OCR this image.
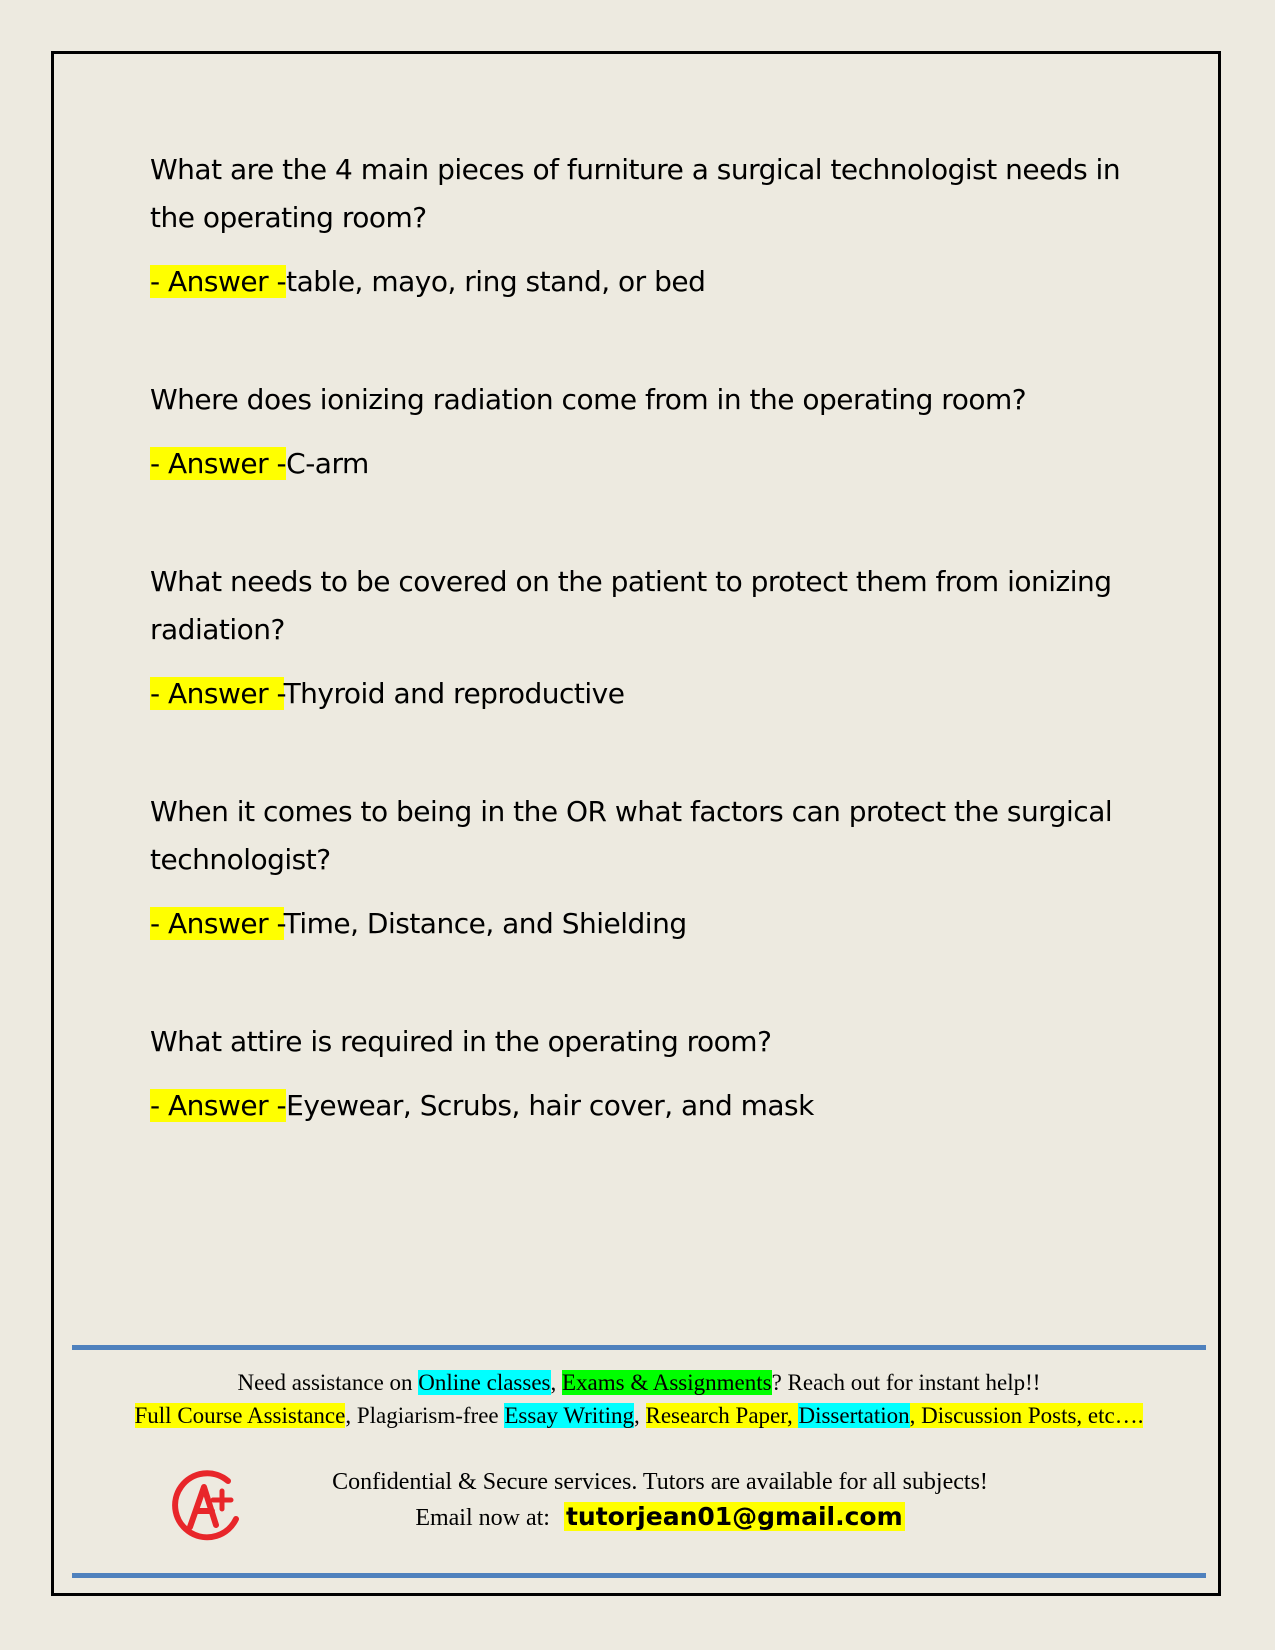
What are the 4 main pieces of furniture a surgical technologist needs in the operating room?

- Answer -table, mayo, ring stand, or bed

Where does ionizing radiation come from in the operating room?

- Answer -C-arm

What needs to be covered on the patient to protect them from ionizing radiation?

- Answer -Thyroid and reproductive

When it comes to being in the OR what factors can protect the surgical technologist?

- Answer -Time, Distance, and Shielding

What attire is required in the operating room?

- Answer -Eyewear, Scrubs, hair cover, and mask

Need assistance on Online classes, Exams & Assignments? Reach out for instant help!!
Full Course Assistance, Plagiarism-free Essay Writing, Research Paper, Dissertation, Discussion Posts, etc….
Confidential & Secure services. Tutors are available for all subjects!
Email now at: tutorjean01@gmail.com
